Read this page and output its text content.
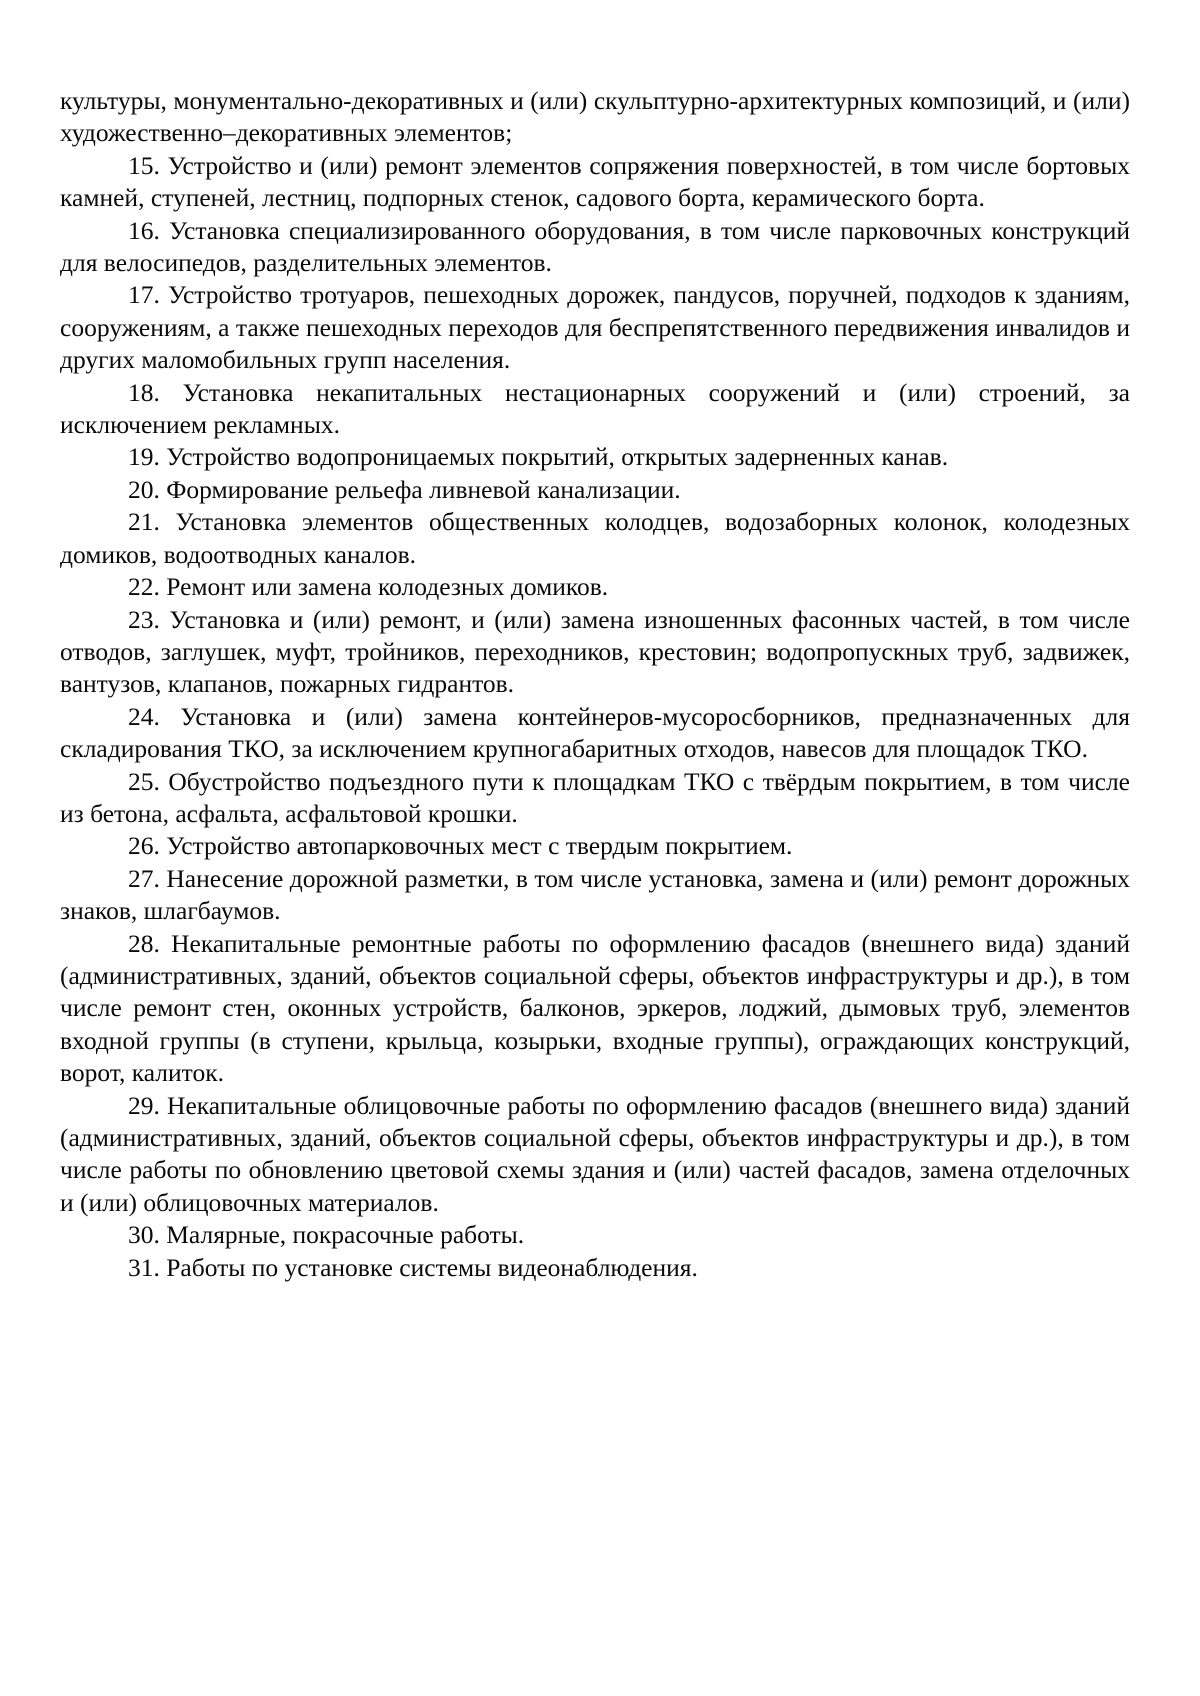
культуры, монументально-декоративных и (или) скульптурно-архитектурных композиций, и (или) художественно–декоративных элементов;

15. Устройство и (или) ремонт элементов сопряжения поверхностей, в том числе бортовых камней, ступеней, лестниц, подпорных стенок, садового борта, керамического борта.

16. Установка специализированного оборудования, в том числе парковочных конструкций для велосипедов, разделительных элементов.

17. Устройство тротуаров, пешеходных дорожек, пандусов, поручней, подходов к зданиям, сооружениям, а также пешеходных переходов для беспрепятственного передвижения инвалидов и других маломобильных групп населения.

18. Установка некапитальных нестационарных сооружений и (или) строений, за исключением рекламных.

19. Устройство водопроницаемых покрытий, открытых задерненных канав.

20. Формирование рельефа ливневой канализации.

21. Установка элементов общественных колодцев, водозаборных колонок, колодезных домиков, водоотводных каналов.

22. Ремонт или замена колодезных домиков.

23. Установка и (или) ремонт, и (или) замена изношенных фасонных частей, в том числе отводов, заглушек, муфт, тройников, переходников, крестовин; водопропускных труб, задвижек, вантузов, клапанов, пожарных гидрантов.

24. Установка и (или) замена контейнеров-мусоросборников, предназначенных для складирования ТКО, за исключением крупногабаритных отходов, навесов для площадок ТКО.

25. Обустройство подъездного пути к площадкам ТКО с твёрдым покрытием, в том числе из бетона, асфальта, асфальтовой крошки.

26. Устройство автопарковочных мест с твердым покрытием.

27. Нанесение дорожной разметки, в том числе установка, замена и (или) ремонт дорожных знаков, шлагбаумов.

28. Некапитальные ремонтные работы по оформлению фасадов (внешнего вида) зданий (административных, зданий, объектов социальной сферы, объектов инфраструктуры и др.), в том числе ремонт стен, оконных устройств, балконов, эркеров, лоджий, дымовых труб, элементов входной группы (в ступени, крыльца, козырьки, входные группы), ограждающих конструкций, ворот, калиток.

29. Некапитальные облицовочные работы по оформлению фасадов (внешнего вида) зданий (административных, зданий, объектов социальной сферы, объектов инфраструктуры и др.), в том числе работы по обновлению цветовой схемы здания и (или) частей фасадов, замена отделочных и (или) облицовочных материалов.

30. Малярные, покрасочные работы.

31. Работы по установке системы видеонаблюдения.
